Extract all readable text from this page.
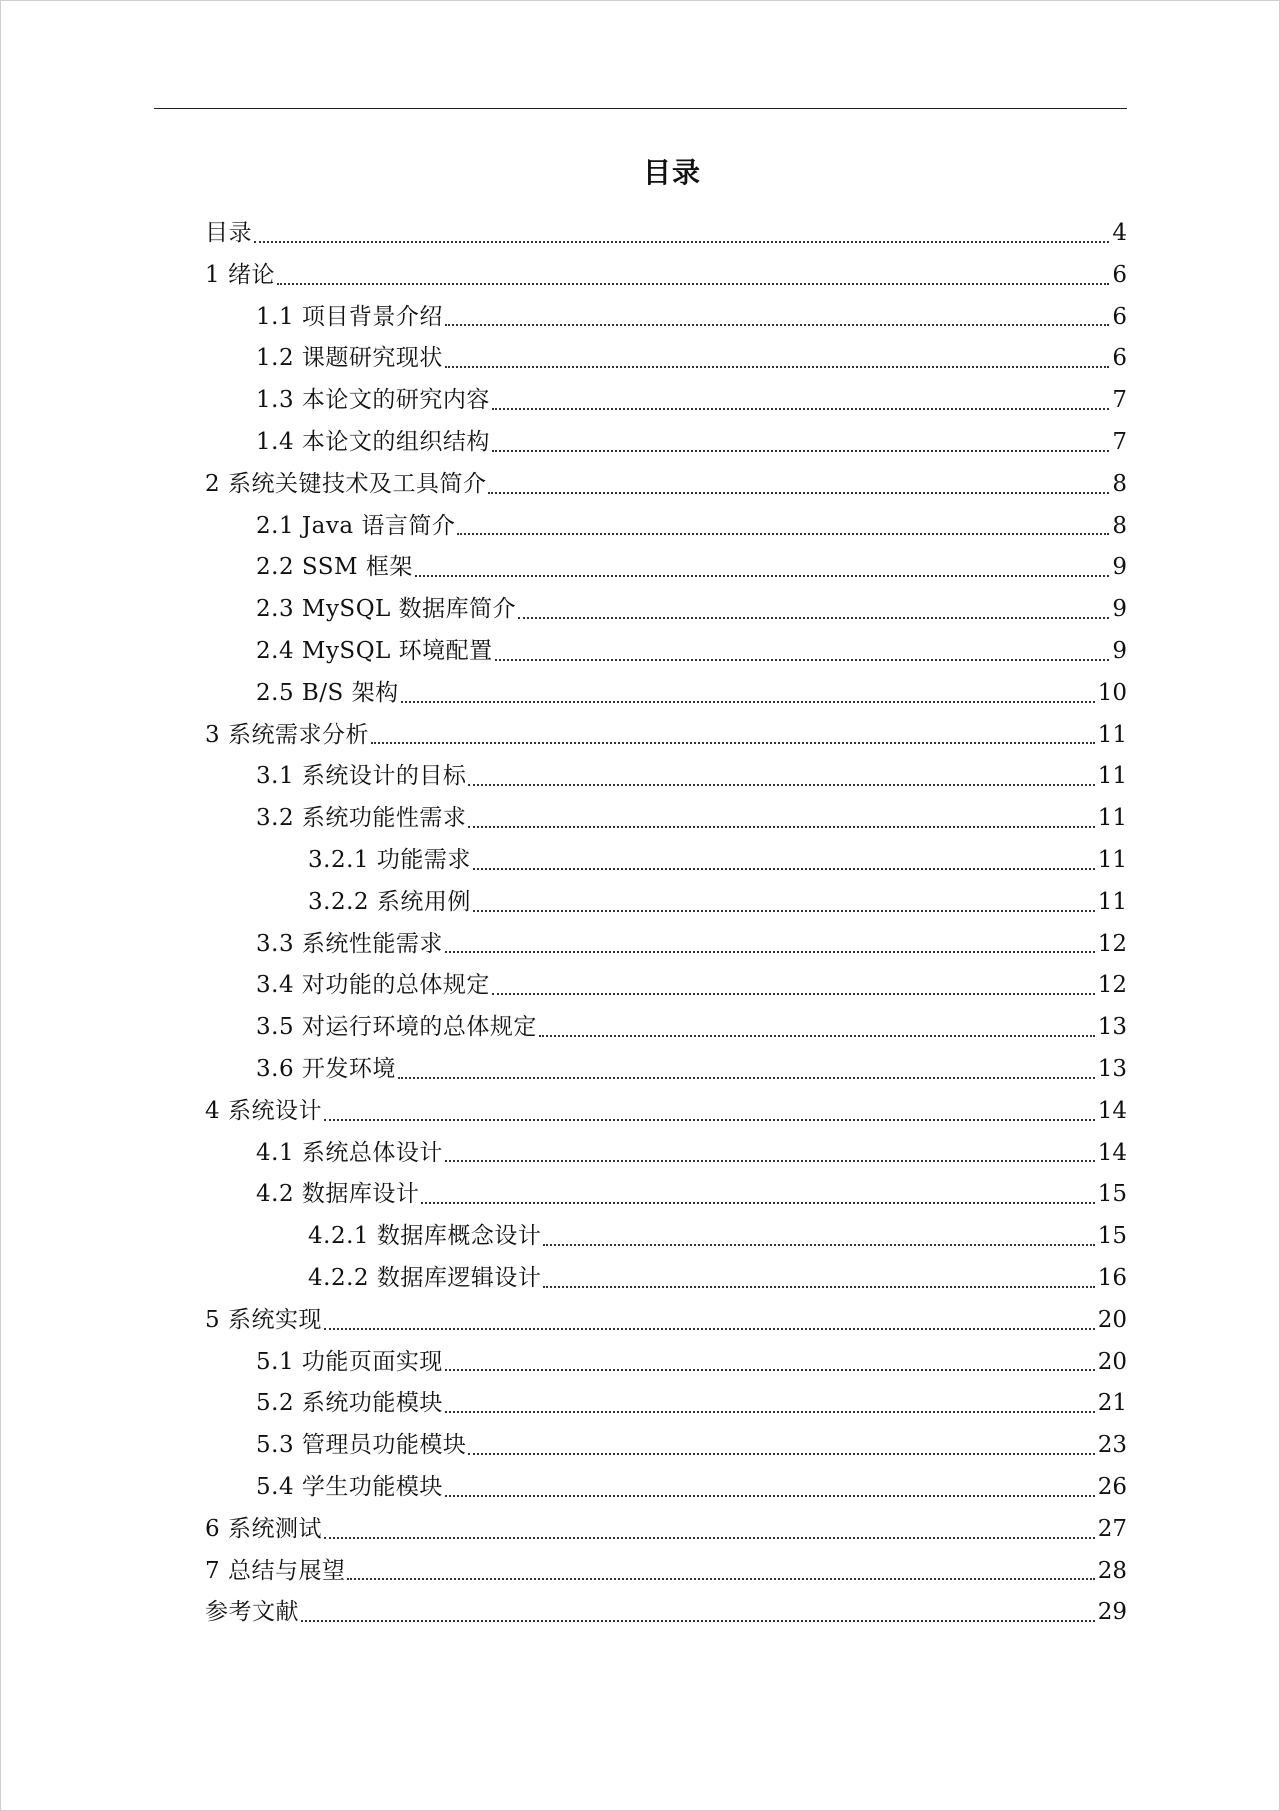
目录
目录	4
1 绪论	6
1.1 项目背景介绍	6
1.2 课题研究现状	6
1.3 本论文的研究内容	7
1.4 本论文的组织结构	7
2 系统关键技术及工具简介	8
2.1 Java 语言简介	8
2.2 SSM 框架	9
2.3 MySQL 数据库简介	9
2.4 MySQL 环境配置	9
2.5 B/S 架构	10
3 系统需求分析	11
3.1 系统设计的目标	11
3.2 系统功能性需求	11
3.2.1 功能需求	11
3.2.2 系统用例	11
3.3 系统性能需求	12
3.4 对功能的总体规定	12
3.5 对运行环境的总体规定	13
3.6 开发环境	13
4 系统设计	14
4.1 系统总体设计	14
4.2 数据库设计	15
4.2.1 数据库概念设计	15
4.2.2 数据库逻辑设计	16
5 系统实现	20
5.1 功能页面实现	20
5.2 系统功能模块	21
5.3 管理员功能模块	23
5.4 学生功能模块	26
6 系统测试	27
7 总结与展望	28
参考文献	29
